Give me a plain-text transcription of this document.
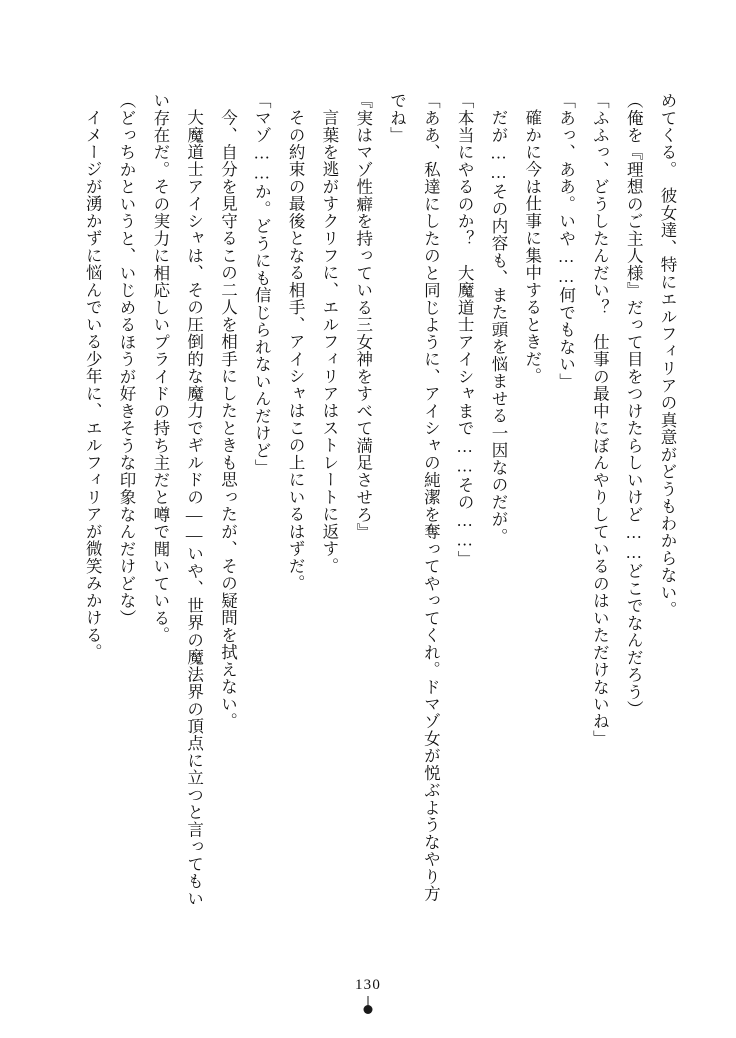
めてくる。　彼女達、特にエルフィリアの真意がどうもわからない。

（俺を『理想のご主人様』だって目をつけたらしいけど……どこでなんだろう）

「ふふっ、どうしたんだい？　仕事の最中にぼんやりしているのはいただけないね」

「あっ、ああ。いや……何でもない」

確かに今は仕事に集中するときだ。

だが……その内容も、また頭を悩ませる一因なのだが。

「本当にやるのか？　大魔道士アイシャまで……その……」

「ああ、私達にしたのと同じように、アイシャの純潔を奪ってやってくれ。ドマゾ女が悦ぶようなやり方でね」

『実はマゾ性癖を持っている三女神をすべて満足させろ』

言葉を逃がすクリフに、エルフィリアはストレートに返す。

その約束の最後となる相手、アイシャはこの上にいるはずだ。

「マゾ……か。どうにも信じられないんだけど」

今、自分を見守るこの二人を相手にしたときも思ったが、その疑問を拭えない。

大魔道士アイシャは、その圧倒的な魔力でギルドの――いや、世界の魔法界の頂点に立つと言ってもいい存在だ。その実力に相応しいプライドの持ち主だと噂で聞いている。

（どっちかというと、いじめるほうが好きそうな印象なんだけどな）

イメージが湧かずに悩んでいる少年に、エルフィリアが微笑みかける。

130
